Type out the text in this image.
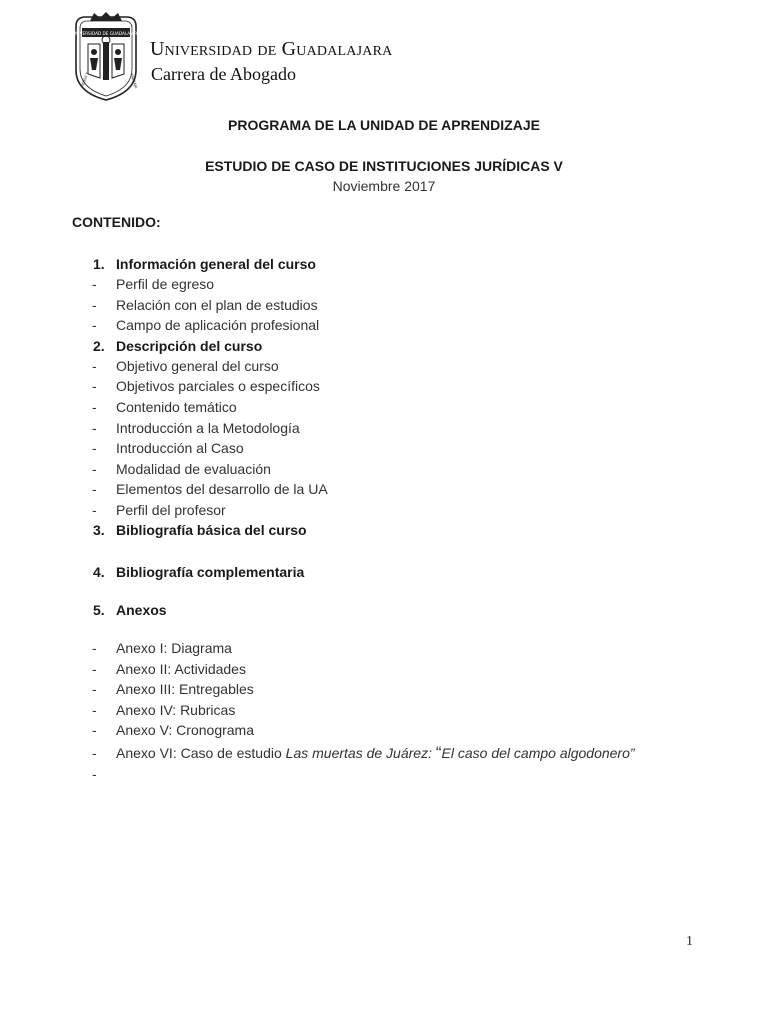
UNIVERSIDAD DE GUADALAJARA
PIENSA Y	TRABAJA
Universidad de Guadalajara
Carrera de Abogado
PROGRAMA DE LA UNIDAD DE APRENDIZAJE
ESTUDIO DE CASO DE INSTITUCIONES JURÍDICAS V
Noviembre 2017
CONTENIDO:
1. Información general del curso
- Perfil de egreso
- Relación con el plan de estudios
- Campo de aplicación profesional
2. Descripción del curso
- Objetivo general del curso
- Objetivos parciales o específicos
- Contenido temático
- Introducción a la Metodología
- Introducción al Caso
- Modalidad de evaluación
- Elementos del desarrollo de la UA
- Perfil del profesor
3. Bibliografía básica del curso
4. Bibliografía complementaria
5. Anexos
- Anexo I: Diagrama
- Anexo II: Actividades
- Anexo III: Entregables
- Anexo IV: Rubricas
- Anexo V: Cronograma
- Anexo VI: Caso de estudio Las muertas de Juárez: “El caso del campo algodonero”
-
1
